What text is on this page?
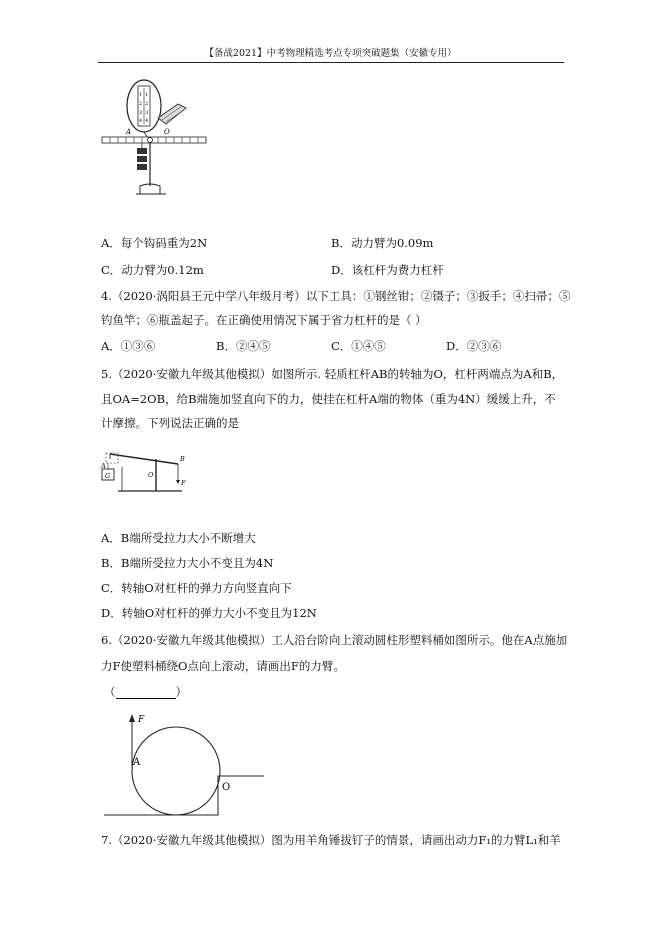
【备战2021】中考物理精选考点专项突破题集（安徽专用）
1
2
3
4
1
2
3
4
A	O
A．每个钩码重为2N	B．动力臂为0.09m
C．动力臂为0.12m	D．该杠杆为费力杠杆
4.（2020·涡阳县王元中学八年级月考）以下工具：①钢丝钳；②镊子；③扳手；④扫帚；⑤
钓鱼竿；⑥瓶盖起子。在正确使用情况下属于省力杠杆的是（ ）
A．①③⑥	B．②④⑤	C．①④⑤	D．②③⑥
5.（2020·安徽九年级其他模拟）如图所示. 轻质杠杆AB的转轴为O，杠杆两端点为A和B，
且OA=2OB，给B端施加竖直向下的力，使挂在杠杆A端的物体（重为4N）缓缓上升，不
计摩擦。下列说法正确的是
A
G	O
B
F
A．B端所受拉力大小不断增大
B．B端所受拉力大小不变且为4N
C．转轴O对杠杆的弹力方向竖直向下
D．转轴O对杠杆的弹力大小不变且为12N
6.（2020·安徽九年级其他模拟）工人沿台阶向上滚动圆柱形塑料桶如图所示。他在A点施加
力F使塑料桶绕O点向上滚动，请画出F的力臂。
（	）
F
A
O
7.（2020·安徽九年级其他模拟）图为用羊角锤拔钉子的情景，请画出动力F₁的力臂L₁和羊
